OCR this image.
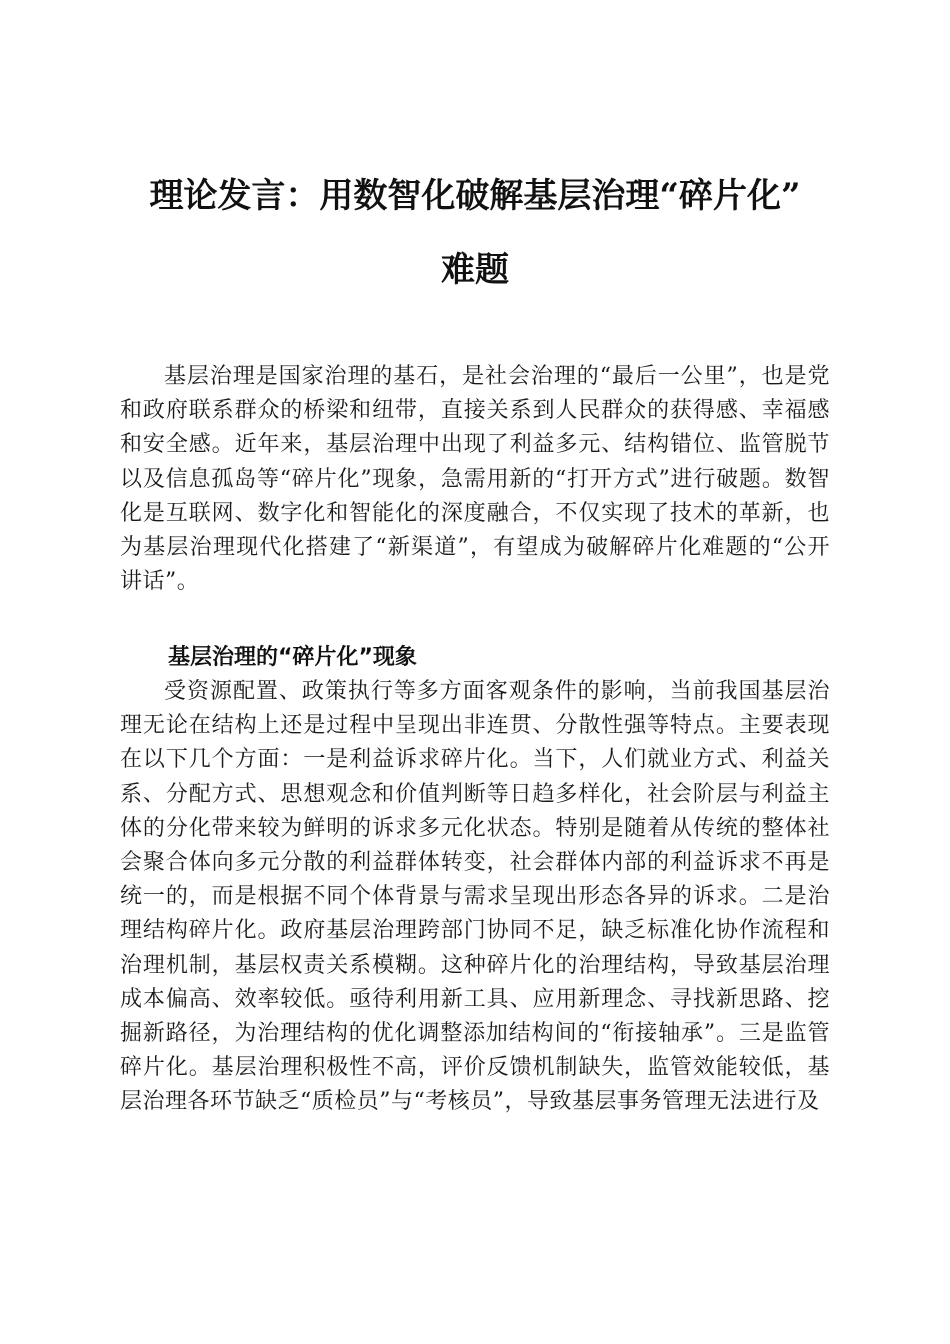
理论发言：用数智化破解基层治理“碎片化”
难题

基层治理是国家治理的基石，是社会治理的“最后一公里”，也是党和政府联系群众的桥梁和纽带，直接关系到人民群众的获得感、幸福感和安全感。近年来，基层治理中出现了利益多元、结构错位、监管脱节以及信息孤岛等“碎片化”现象，急需用新的“打开方式”进行破题。数智化是互联网、数字化和智能化的深度融合，不仅实现了技术的革新，也为基层治理现代化搭建了“新渠道”，有望成为破解碎片化难题的“公开讲话”。

基层治理的“碎片化”现象

受资源配置、政策执行等多方面客观条件的影响，当前我国基层治理无论在结构上还是过程中呈现出非连贯、分散性强等特点。主要表现在以下几个方面：一是利益诉求碎片化。当下，人们就业方式、利益关系、分配方式、思想观念和价值判断等日趋多样化，社会阶层与利益主体的分化带来较为鲜明的诉求多元化状态。特别是随着从传统的整体社会聚合体向多元分散的利益群体转变，社会群体内部的利益诉求不再是统一的，而是根据不同个体背景与需求呈现出形态各异的诉求。二是治理结构碎片化。政府基层治理跨部门协同不足，缺乏标准化协作流程和治理机制，基层权责关系模糊。这种碎片化的治理结构，导致基层治理成本偏高、效率较低。亟待利用新工具、应用新理念、寻找新思路、挖掘新路径，为治理结构的优化调整添加结构间的“衔接轴承”。三是监管碎片化。基层治理积极性不高，评价反馈机制缺失，监管效能较低，基层治理各环节缺乏“质检员”与“考核员”，导致基层事务管理无法进行及
